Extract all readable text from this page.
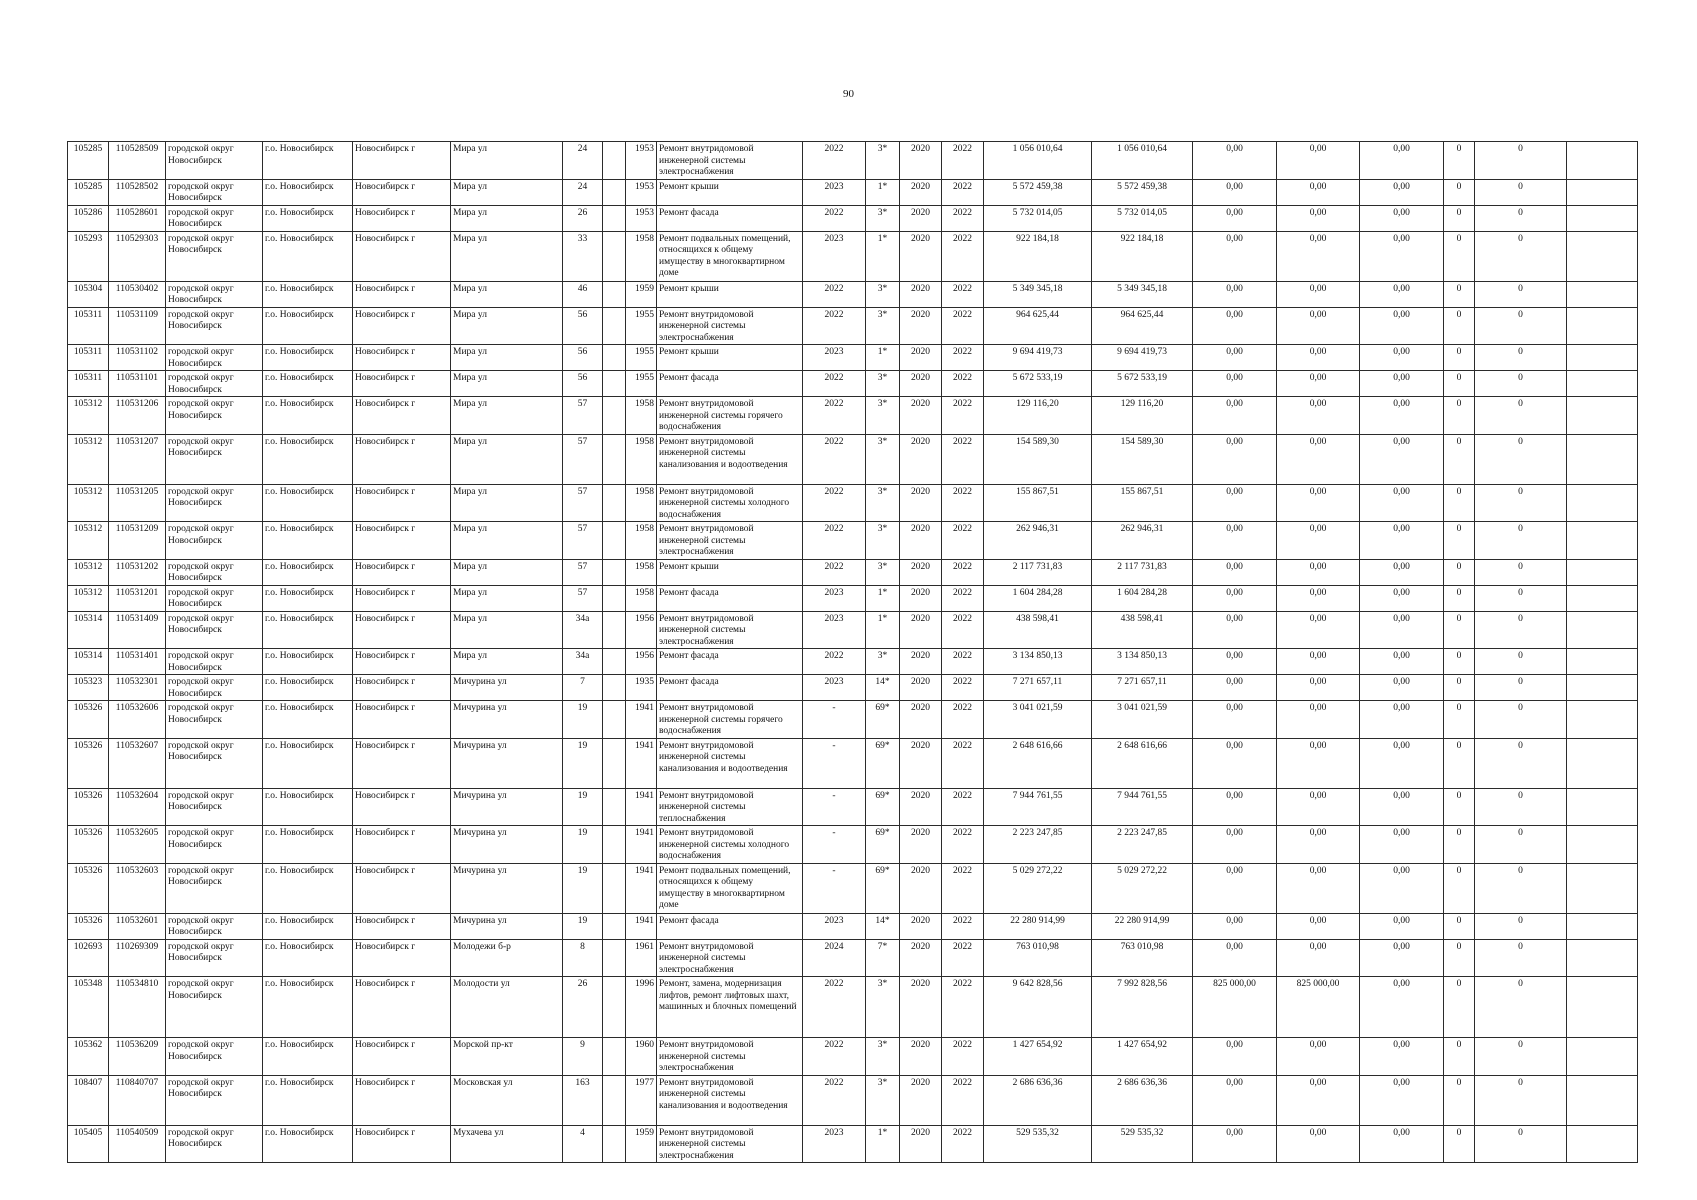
90
105285	110528509	городской округ Новосибирск	г.о. Новосибирск	Новосибирск г	Мира ул	24		1953	Ремонт внутридомовой инженерной системы электроснабжения	2022	3*	2020	2022	1 056 010,64	1 056 010,64	0,00	0,00	0,00	0	0	
105285	110528502	городской округ Новосибирск	г.о. Новосибирск	Новосибирск г	Мира ул	24		1953	Ремонт крыши	2023	1*	2020	2022	5 572 459,38	5 572 459,38	0,00	0,00	0,00	0	0	
105286	110528601	городской округ Новосибирск	г.о. Новосибирск	Новосибирск г	Мира ул	26		1953	Ремонт фасада	2022	3*	2020	2022	5 732 014,05	5 732 014,05	0,00	0,00	0,00	0	0	
105293	110529303	городской округ Новосибирск	г.о. Новосибирск	Новосибирск г	Мира ул	33		1958	Ремонт подвальных помещений, относящихся к общему имуществу в многоквартирном доме	2023	1*	2020	2022	922 184,18	922 184,18	0,00	0,00	0,00	0	0	
105304	110530402	городской округ Новосибирск	г.о. Новосибирск	Новосибирск г	Мира ул	46		1959	Ремонт крыши	2022	3*	2020	2022	5 349 345,18	5 349 345,18	0,00	0,00	0,00	0	0	
105311	110531109	городской округ Новосибирск	г.о. Новосибирск	Новосибирск г	Мира ул	56		1955	Ремонт внутридомовой инженерной системы электроснабжения	2022	3*	2020	2022	964 625,44	964 625,44	0,00	0,00	0,00	0	0	
105311	110531102	городской округ Новосибирск	г.о. Новосибирск	Новосибирск г	Мира ул	56		1955	Ремонт крыши	2023	1*	2020	2022	9 694 419,73	9 694 419,73	0,00	0,00	0,00	0	0	
105311	110531101	городской округ Новосибирск	г.о. Новосибирск	Новосибирск г	Мира ул	56		1955	Ремонт фасада	2022	3*	2020	2022	5 672 533,19	5 672 533,19	0,00	0,00	0,00	0	0	
105312	110531206	городской округ Новосибирск	г.о. Новосибирск	Новосибирск г	Мира ул	57		1958	Ремонт внутридомовой инженерной системы горячего водоснабжения	2022	3*	2020	2022	129 116,20	129 116,20	0,00	0,00	0,00	0	0	
105312	110531207	городской округ Новосибирск	г.о. Новосибирск	Новосибирск г	Мира ул	57		1958	Ремонт внутридомовой инженерной системы канализования и водоотведения	2022	3*	2020	2022	154 589,30	154 589,30	0,00	0,00	0,00	0	0	
105312	110531205	городской округ Новосибирск	г.о. Новосибирск	Новосибирск г	Мира ул	57		1958	Ремонт внутридомовой инженерной системы холодного водоснабжения	2022	3*	2020	2022	155 867,51	155 867,51	0,00	0,00	0,00	0	0	
105312	110531209	городской округ Новосибирск	г.о. Новосибирск	Новосибирск г	Мира ул	57		1958	Ремонт внутридомовой инженерной системы электроснабжения	2022	3*	2020	2022	262 946,31	262 946,31	0,00	0,00	0,00	0	0	
105312	110531202	городской округ Новосибирск	г.о. Новосибирск	Новосибирск г	Мира ул	57		1958	Ремонт крыши	2022	3*	2020	2022	2 117 731,83	2 117 731,83	0,00	0,00	0,00	0	0	
105312	110531201	городской округ Новосибирск	г.о. Новосибирск	Новосибирск г	Мира ул	57		1958	Ремонт фасада	2023	1*	2020	2022	1 604 284,28	1 604 284,28	0,00	0,00	0,00	0	0	
105314	110531409	городской округ Новосибирск	г.о. Новосибирск	Новосибирск г	Мира ул	34а		1956	Ремонт внутридомовой инженерной системы электроснабжения	2023	1*	2020	2022	438 598,41	438 598,41	0,00	0,00	0,00	0	0	
105314	110531401	городской округ Новосибирск	г.о. Новосибирск	Новосибирск г	Мира ул	34а		1956	Ремонт фасада	2022	3*	2020	2022	3 134 850,13	3 134 850,13	0,00	0,00	0,00	0	0	
105323	110532301	городской округ Новосибирск	г.о. Новосибирск	Новосибирск г	Мичурина ул	7		1935	Ремонт фасада	2023	14*	2020	2022	7 271 657,11	7 271 657,11	0,00	0,00	0,00	0	0	
105326	110532606	городской округ Новосибирск	г.о. Новосибирск	Новосибирск г	Мичурина ул	19		1941	Ремонт внутридомовой инженерной системы горячего водоснабжения	-	69*	2020	2022	3 041 021,59	3 041 021,59	0,00	0,00	0,00	0	0	
105326	110532607	городской округ Новосибирск	г.о. Новосибирск	Новосибирск г	Мичурина ул	19		1941	Ремонт внутридомовой инженерной системы канализования и водоотведения	-	69*	2020	2022	2 648 616,66	2 648 616,66	0,00	0,00	0,00	0	0	
105326	110532604	городской округ Новосибирск	г.о. Новосибирск	Новосибирск г	Мичурина ул	19		1941	Ремонт внутридомовой инженерной системы теплоснабжения	-	69*	2020	2022	7 944 761,55	7 944 761,55	0,00	0,00	0,00	0	0	
105326	110532605	городской округ Новосибирск	г.о. Новосибирск	Новосибирск г	Мичурина ул	19		1941	Ремонт внутридомовой инженерной системы холодного водоснабжения	-	69*	2020	2022	2 223 247,85	2 223 247,85	0,00	0,00	0,00	0	0	
105326	110532603	городской округ Новосибирск	г.о. Новосибирск	Новосибирск г	Мичурина ул	19		1941	Ремонт подвальных помещений, относящихся к общему имуществу в многоквартирном доме	-	69*	2020	2022	5 029 272,22	5 029 272,22	0,00	0,00	0,00	0	0	
105326	110532601	городской округ Новосибирск	г.о. Новосибирск	Новосибирск г	Мичурина ул	19		1941	Ремонт фасада	2023	14*	2020	2022	22 280 914,99	22 280 914,99	0,00	0,00	0,00	0	0	
102693	110269309	городской округ Новосибирск	г.о. Новосибирск	Новосибирск г	Молодежи б-р	8		1961	Ремонт внутридомовой инженерной системы электроснабжения	2024	7*	2020	2022	763 010,98	763 010,98	0,00	0,00	0,00	0	0	
105348	110534810	городской округ Новосибирск	г.о. Новосибирск	Новосибирск г	Молодости ул	26		1996	Ремонт, замена, модернизация лифтов, ремонт лифтовых шахт, машинных и блочных помещений	2022	3*	2020	2022	9 642 828,56	7 992 828,56	825 000,00	825 000,00	0,00	0	0	
105362	110536209	городской округ Новосибирск	г.о. Новосибирск	Новосибирск г	Морской пр-кт	9		1960	Ремонт внутридомовой инженерной системы электроснабжения	2022	3*	2020	2022	1 427 654,92	1 427 654,92	0,00	0,00	0,00	0	0	
108407	110840707	городской округ Новосибирск	г.о. Новосибирск	Новосибирск г	Московская ул	163		1977	Ремонт внутридомовой инженерной системы канализования и водоотведения	2022	3*	2020	2022	2 686 636,36	2 686 636,36	0,00	0,00	0,00	0	0	
105405	110540509	городской округ Новосибирск	г.о. Новосибирск	Новосибирск г	Мухачева ул	4		1959	Ремонт внутридомовой инженерной системы электроснабжения	2023	1*	2020	2022	529 535,32	529 535,32	0,00	0,00	0,00	0	0	
